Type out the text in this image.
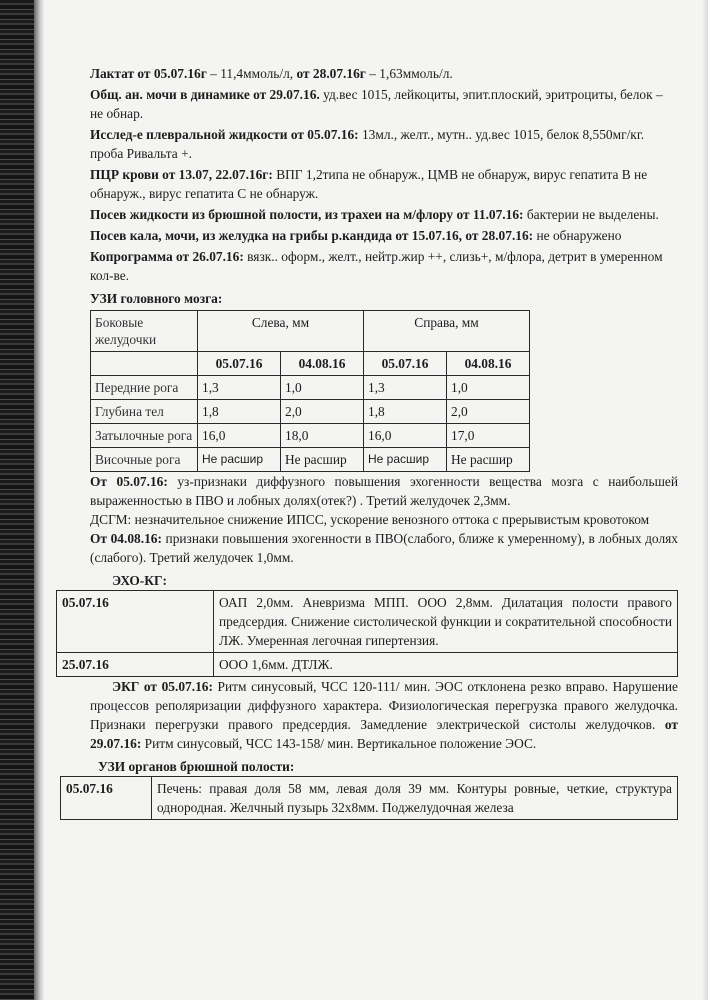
Лактат от 05.07.16г – 11,4ммоль/л, от 28.07.16г – 1,63ммоль/л.

Общ. ан. мочи в динамике от 29.07.16. уд.вес 1015, лейкоциты, эпит.плоский, эритроциты, белок – не обнар.

Исслед-е плевральной жидкости от 05.07.16: 13мл., желт., мутн.. уд.вес 1015, белок 8,550мг/кг. проба Ривальта +.

ПЦР крови от 13.07, 22.07.16г: ВПГ 1,2типа не обнаруж., ЦМВ не обнаруж, вирус гепатита В не обнаруж., вирус гепатита С не обнаруж.

Посев жидкости из брюшной полости, из трахеи на м/флору от 11.07.16: бактерии не выделены.

Посев кала, мочи, из желудка на грибы р.кандида от 15.07.16, от 28.07.16: не обнаружено

Копрограмма от 26.07.16: вязк.. оформ., желт., нейтр.жир ++, слизь+, м/флора, детрит в умеренном кол-ве.

УЗИ головного мозга:

Боковые желудочки	Слева, мм		Справа, мм	
	05.07.16	04.08.16	05.07.16	04.08.16
Передние рога	1,3	1,0	1,3	1,0
Глубина тел	1,8	2,0	1,8	2,0
Затылочные рога	16,0	18,0	16,0	17,0
Височные рога	Не расшир	Не расшир	Не расшир	Не расшир

От 05.07.16: уз-признаки диффузного повышения эхогенности вещества мозга с наибольшей выраженностью в ПВО и лобных долях(отек?) . Третий желудочек 2,3мм.

ДСГМ: незначительное снижение ИПСС, ускорение венозного оттока с прерывистым кровотоком

От 04.08.16: признаки повышения эхогенности в ПВО(слабого, ближе к умеренному), в лобных долях (слабого). Третий желудочек 1,0мм.

ЭХО-КГ:

05.07.16	ОАП 2,0мм. Аневризма МПП. ООО 2,8мм. Дилатация полости правого предсердия. Снижение систолической функции и сократительной способности ЛЖ. Умеренная легочная гипертензия.
25.07.16	ООО 1,6мм. ДТЛЖ.

ЭКГ от 05.07.16: Ритм синусовый, ЧСС 120-111/ мин. ЭОС отклонена резко вправо. Нарушение процессов реполяризации диффузного характера. Физиологическая перегрузка правого желудочка. Признаки перегрузки правого предсердия. Замедление электрической систолы желудочков. от 29.07.16: Ритм синусовый, ЧСС 143-158/ мин. Вертикальное положение ЭОС.

УЗИ органов брюшной полости:

05.07.16	Печень: правая доля 58 мм, левая доля 39 мм. Контуры ровные, четкие, структура однородная. Желчный пузырь 32х8мм. Поджелудочная железа
